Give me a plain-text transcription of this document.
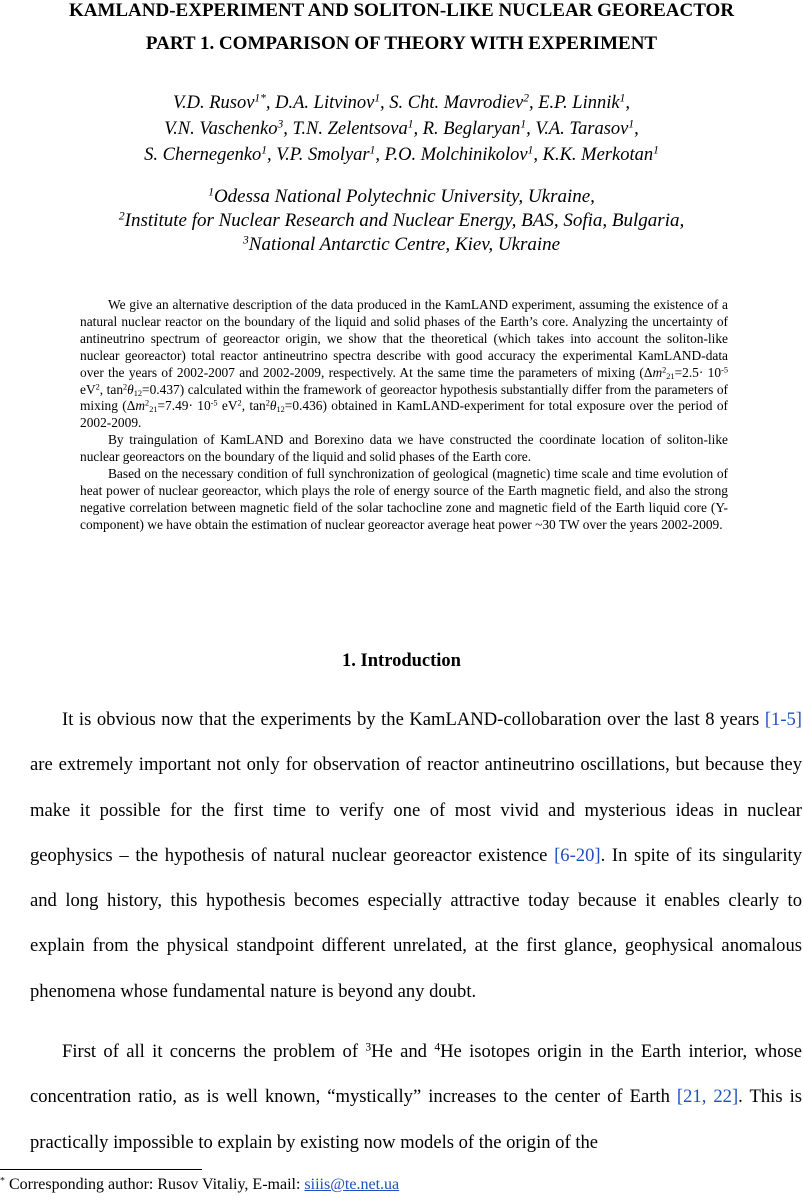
KAMLAND-EXPERIMENT AND SOLITON-LIKE NUCLEAR GEOREACTOR
PART 1. COMPARISON OF THEORY WITH EXPERIMENT
V.D. Rusov$^{1*}$, D.A. Litvinov$^1$, S. Cht. Mavrodiev$^2$, E.P. Linnik$^1$,
V.N. Vaschenko$^3$, T.N. Zelentsova$^1$, R. Beglaryan$^1$, V.A. Tarasov$^1$,
S. Chernegenko$^1$, V.P. Smolyar$^1$, P.O. Molchinikolov$^1$, K.K. Merkotan$^1$
$^1$Odessa National Polytechnic University, Ukraine,
$^2$Institute for Nuclear Research and Nuclear Energy, BAS, Sofia, Bulgaria,
$^3$National Antarctic Centre, Kiev, Ukraine

We give an alternative description of the data produced in the KamLAND experiment, assuming the existence of a natural nuclear reactor on the boundary of the liquid and solid phases of the Earth’s core. Analyzing the uncertainty of antineutrino spectrum of georeactor origin, we show that the theoretical (which takes into account the soliton-like nuclear georeactor) total reactor antineutrino spectra describe with good accuracy the experimental KamLAND-data over the years of 2002-2007 and 2002-2009, respectively. At the same time the parameters of mixing ($\Delta m^2_{21}=2.5\cdot 10^{-5}$ $eV^2$, $\tan^2\theta_{12}=0.437$) calculated within the framework of georeactor hypothesis substantially differ from the parameters of mixing ($\Delta m^2_{21}=7.49\cdot 10^{-5}$ $eV^2$, $\tan^2\theta_{12}=0.436$) obtained in KamLAND-experiment for total exposure over the period of 2002-2009.

By traingulation of KamLAND and Borexino data we have constructed the coordinate location of soliton-like nuclear georeactors on the boundary of the liquid and solid phases of the Earth core.

Based on the necessary condition of full synchronization of geological (magnetic) time scale and time evolution of heat power of nuclear georeactor, which plays the role of energy source of the Earth magnetic field, and also the strong negative correlation between magnetic field of the solar tachocline zone and magnetic field of the Earth liquid core (Y-component) we have obtain the estimation of nuclear georeactor average heat power ~30 TW over the years 2002-2009.

1. Introduction

It is obvious now that the experiments by the KamLAND-collobaration over the last 8 years [1-5] are extremely important not only for observation of reactor antineutrino oscillations, but because they make it possible for the first time to verify one of most vivid and mysterious ideas in nuclear geophysics – the hypothesis of natural nuclear georeactor existence [6-20]. In spite of its singularity and long history, this hypothesis becomes especially attractive today because it enables clearly to explain from the physical standpoint different unrelated, at the first glance, geophysical anomalous phenomena whose fundamental nature is beyond any doubt.

First of all it concerns the problem of $^3$He and $^4$He isotopes origin in the Earth interior, whose concentration ratio, as is well known, “mystically” increases to the center of Earth [21, 22]. This is practically impossible to explain by existing now models of the origin of the

* Corresponding author: Rusov Vitaliy, E-mail: siiis@te.net.ua
